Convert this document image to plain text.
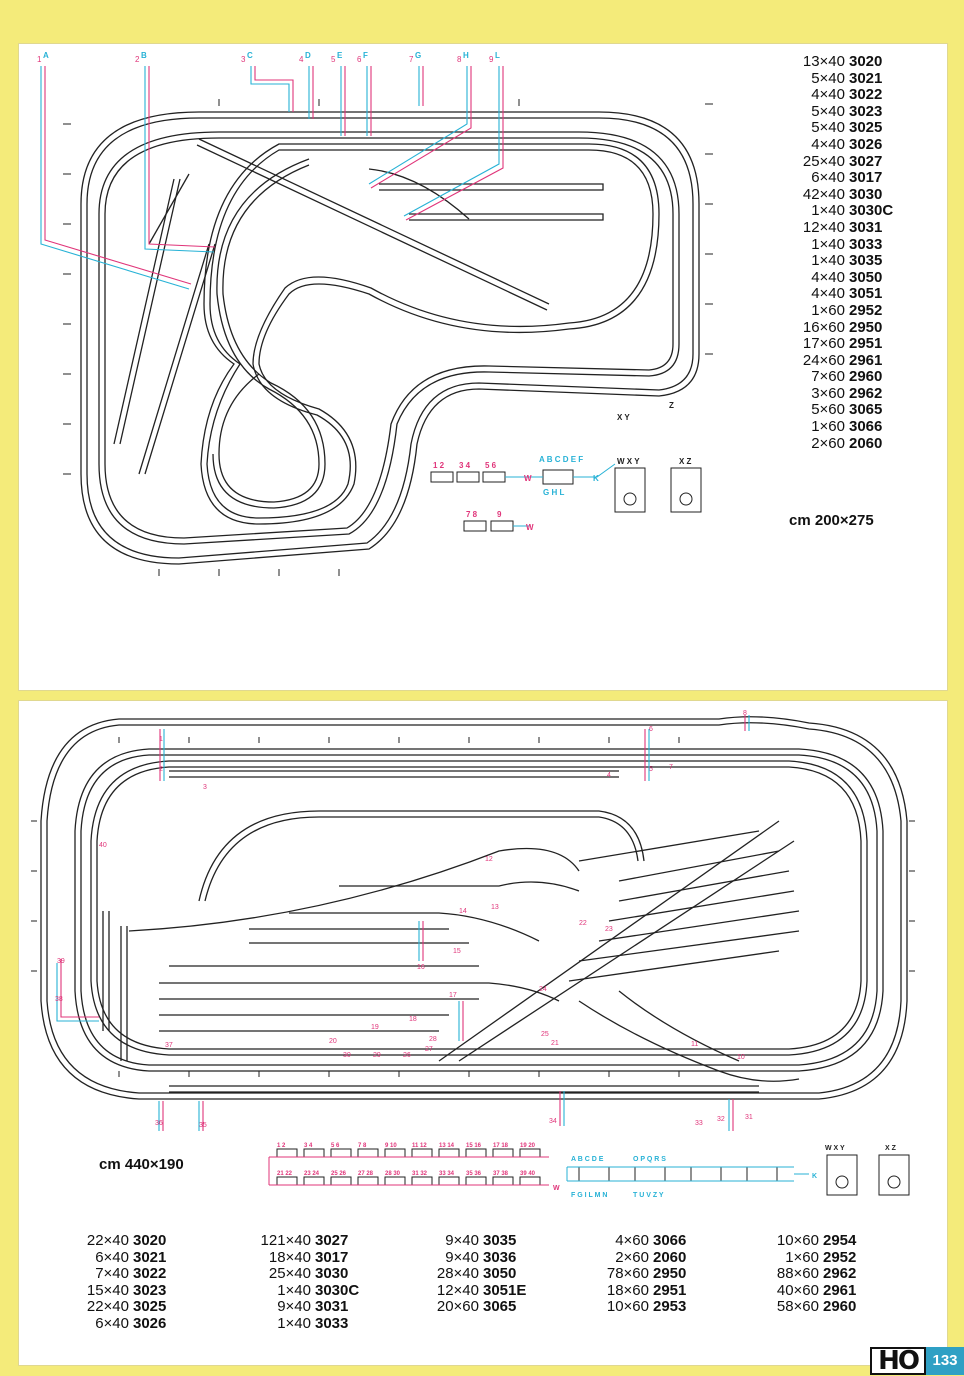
1 A	2 B	3 C	4 D	5 E 6 F	7 G	8 H	9 L
1 2 3 4 5 6
7 8 9
W
W
K
A B C D E F
G H L
W X Y	X Z
X Y
Z
13×40 3020
5×40 3021
4×40 3022
5×40 3023
5×40 3025
4×40 3026
25×40 3027
6×40 3017
42×40 3030
1×40 3030C
12×40 3031
1×40 3033
1×40 3035
4×40 3050
4×40 3051
1×60 2952
16×60 2950
17×60 2951
24×60 2961
7×60 2960
3×60 2962
5×60 3065
1×60 3066
2×60 2060
cm 200×275
1
2
3
4
5
6
7
8
10
11
12
13
14
15
16
17
18
19
20	21
22
23
24
25
26
27
28
29
30
31
32
33
34
35
36
37
38
39
40
1 2
21 22
3 4
23 24
5 6
25 26
7 8
27 28
9 10
28 30
11 12
31 32
13 14
33 34
15 16
35 36
17 18
37 38
19 20
39 40
W
K
W X Y	X Z
A B C D E	O P Q R S
F G I L M N	T U V Z Y
cm 440×190
22×40 3020
6×40 3021
7×40 3022
15×40 3023
22×40 3025
6×40 3026
121×40 3027
18×40 3017
25×40 3030
1×40 3030C
9×40 3031
1×40 3033
9×40 3035
9×40 3036
28×40 3050
12×40 3051E
20×60 3065
4×60 3066
2×60 2060
78×60 2950
18×60 2951
10×60 2953
10×60 2954
1×60 2952
88×60 2962
40×60 2961
58×60 2960
HO 133
